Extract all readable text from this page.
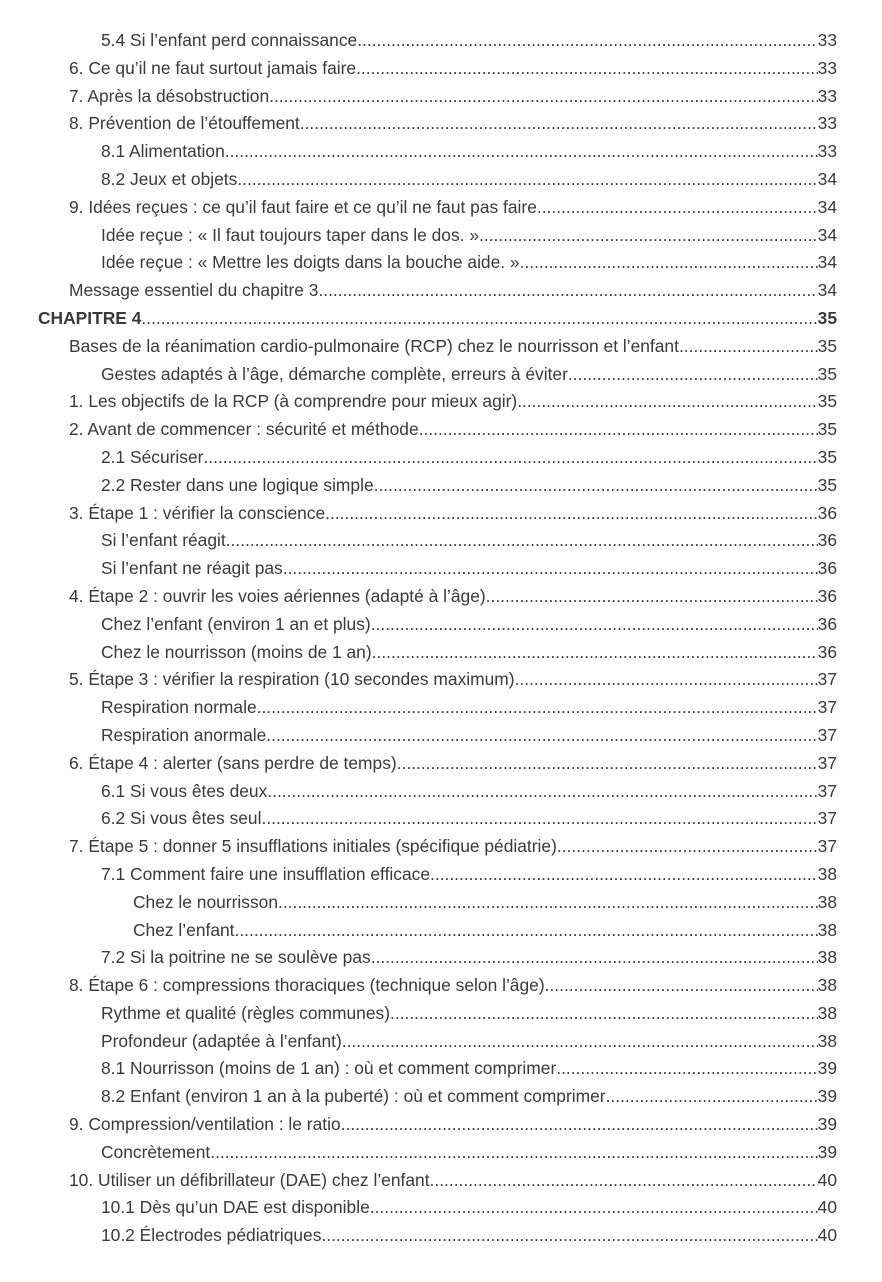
5.4 Si l’enfant perd connaissance .....	33
6. Ce qu’il ne faut surtout jamais faire .....	33
7. Après la désobstruction .....	33
8. Prévention de l’étouffement .....	33
8.1 Alimentation .....	33
8.2 Jeux et objets .....	34
9. Idées reçues : ce qu’il faut faire et ce qu’il ne faut pas faire .....	34
Idée reçue : « Il faut toujours taper dans le dos. » .....	34
Idée reçue : « Mettre les doigts dans la bouche aide. » .....	34
Message essentiel du chapitre 3 .....	34
CHAPITRE 4 .....	35
Bases de la réanimation cardio-pulmonaire (RCP) chez le nourrisson et l’enfant .....	35
Gestes adaptés à l’âge, démarche complète, erreurs à éviter .....	35
1. Les objectifs de la RCP (à comprendre pour mieux agir) .....	35
2. Avant de commencer : sécurité et méthode .....	35
2.1 Sécuriser .....	35
2.2 Rester dans une logique simple .....	35
3. Étape 1 : vérifier la conscience .....	36
Si l’enfant réagit .....	36
Si l’enfant ne réagit pas .....	36
4. Étape 2 : ouvrir les voies aériennes (adapté à l’âge) .....	36
Chez l’enfant (environ 1 an et plus) .....	36
Chez le nourrisson (moins de 1 an) .....	36
5. Étape 3 : vérifier la respiration (10 secondes maximum) .....	37
Respiration normale .....	37
Respiration anormale .....	37
6. Étape 4 : alerter (sans perdre de temps) .....	37
6.1 Si vous êtes deux .....	37
6.2 Si vous êtes seul .....	37
7. Étape 5 : donner 5 insufflations initiales (spécifique pédiatrie) .....	37
7.1 Comment faire une insufflation efficace .....	38
Chez le nourrisson .....	38
Chez l’enfant .....	38
7.2 Si la poitrine ne se soulève pas .....	38
8. Étape 6 : compressions thoraciques (technique selon l’âge) .....	38
Rythme et qualité (règles communes) .....	38
Profondeur (adaptée à l’enfant) .....	38
8.1 Nourrisson (moins de 1 an) : où et comment comprimer .....	39
8.2 Enfant (environ 1 an à la puberté) : où et comment comprimer .....	39
9. Compression/ventilation : le ratio .....	39
Concrètement .....	39
10. Utiliser un défibrillateur (DAE) chez l’enfant .....	40
10.1 Dès qu’un DAE est disponible .....	40
10.2 Électrodes pédiatriques .....	40
